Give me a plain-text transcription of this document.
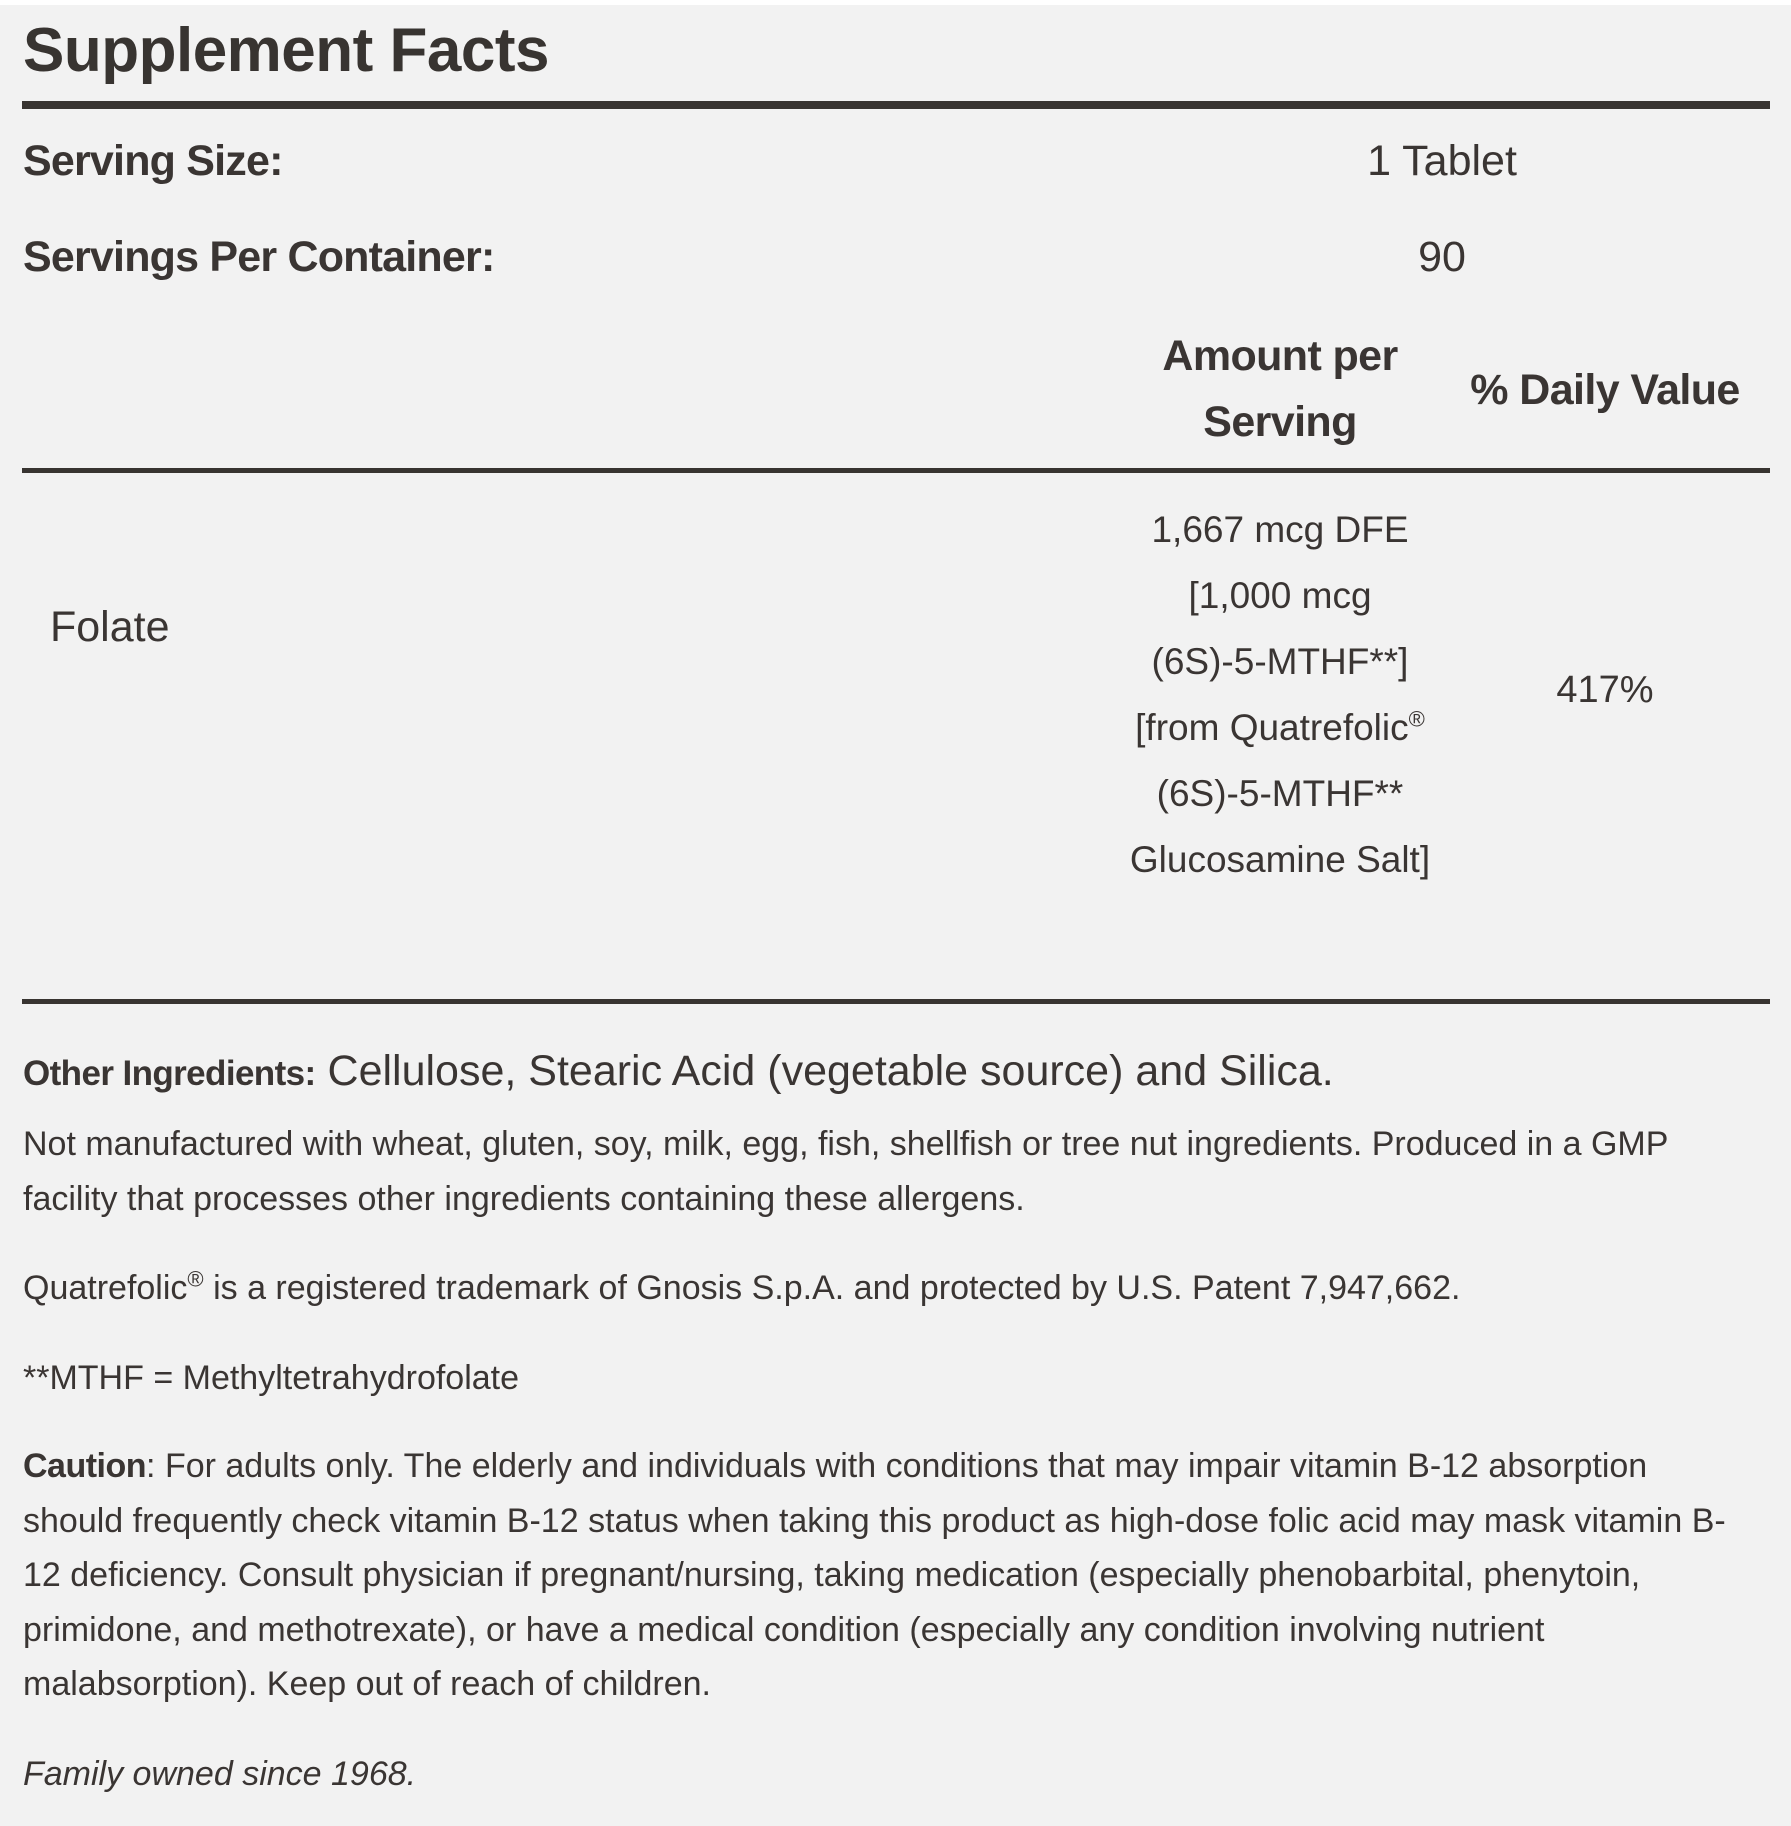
Supplement Facts
Serving Size:	1 Tablet
Servings Per Container:	90
Amount per
Serving
% Daily Value
Folate
1,667 mcg DFE
[1,000 mcg
(6S)-5-MTHF**]
[from Quatrefolic®
(6S)-5-MTHF**
Glucosamine Salt]
417%
Other Ingredients: Cellulose, Stearic Acid (vegetable source) and Silica.
Not manufactured with wheat, gluten, soy, milk, egg, fish, shellfish or tree nut ingredients. Produced in a GMP facility that processes other ingredients containing these allergens.
Quatrefolic® is a registered trademark of Gnosis S.p.A. and protected by U.S. Patent 7,947,662.
**MTHF = Methyltetrahydrofolate
Caution: For adults only. The elderly and individuals with conditions that may impair vitamin B-12 absorption should frequently check vitamin B-12 status when taking this product as high-dose folic acid may mask vitamin B-12 deficiency. Consult physician if pregnant/nursing, taking medication (especially phenobarbital, phenytoin, primidone, and methotrexate), or have a medical condition (especially any condition involving nutrient malabsorption). Keep out of reach of children.
Family owned since 1968.
